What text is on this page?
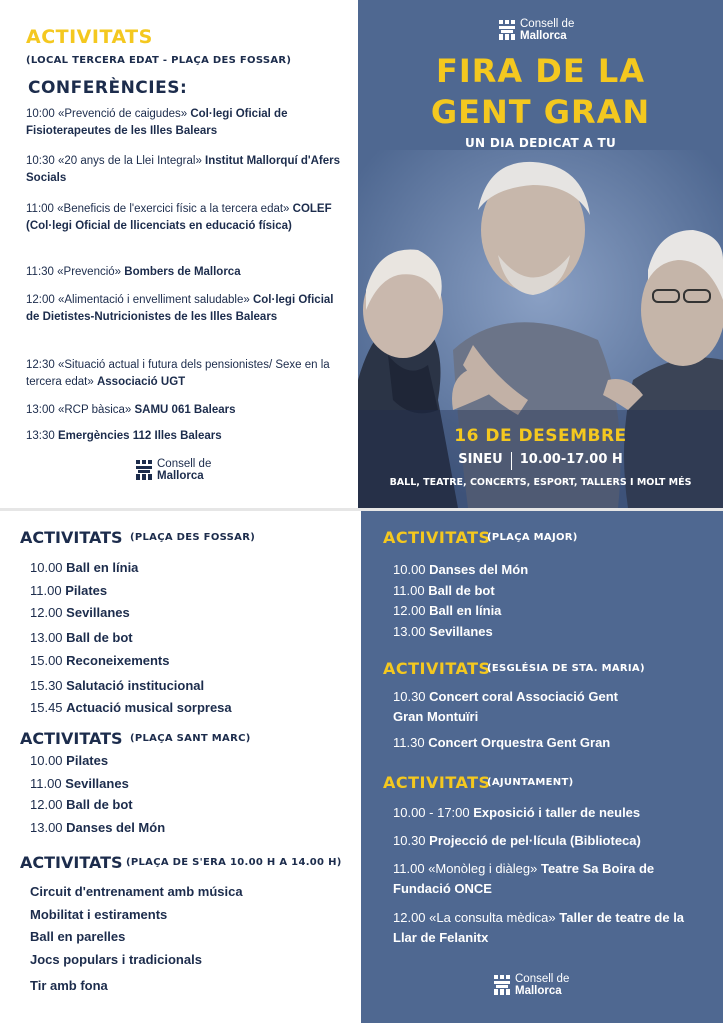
ACTIVITATS
(LOCAL TERCERA EDAT - PLAÇA DES FOSSAR)
CONFERÈNCIES:
10:00 «Prevenció de caigudes» Col·legi Oficial de Fisioterapeutes de les Illes Balears
10:30 «20 anys de la Llei Integral» Institut Mallorquí d'Afers Socials
11:00 «Beneficis de l'exercici físic a la tercera edat» COLEF (Col·legi Oficial de llicenciats en educació física)
11:30 «Prevenció» Bombers de Mallorca
12:00 «Alimentació i envelliment saludable» Col·legi Oficial de Dietistes-Nutricionistes de les Illes Balears
12:30 «Situació actual i futura dels pensionistes/ Sexe en la tercera edat» Associació UGT
13:00 «RCP bàsica» SAMU 061 Balears
13:30 Emergències 112 Illes Balears
Consell de
Mallorca
Consell de
Mallorca
FIRA DE LA
GENT GRAN
UN DIA DEDICAT A TU
16 DE DESEMBRE
SINEU 10.00-17.00 H
BALL, TEATRE, CONCERTS, ESPORT, TALLERS I MOLT MÉS
ACTIVITATS (PLAÇA DES FOSSAR)
10.00 Ball en línia
11.00 Pilates
12.00 Sevillanes
13.00 Ball de bot
15.00 Reconeixements
15.30 Salutació institucional
15.45 Actuació musical sorpresa
ACTIVITATS (PLAÇA SANT MARC)
10.00 Pilates
11.00 Sevillanes
12.00 Ball de bot
13.00 Danses del Món
ACTIVITATS (PLAÇA DE S'ERA 10.00 H A 14.00 H)
Circuit d'entrenament amb música
Mobilitat i estiraments
Ball en parelles
Jocs populars i tradicionals
Tir amb fona
ACTIVITATS
(PLAÇA MAJOR)
10.00 Danses del Món
11.00 Ball de bot
12.00 Ball en línia
13.00 Sevillanes
ACTIVITATS
(ESGLÉSIA DE STA. MARIA)
10.30 Concert coral Associació Gent Gran Montuïri
11.30 Concert Orquestra Gent Gran
ACTIVITATS
(AJUNTAMENT)
10.00 - 17:00 Exposició i taller de neules
10.30 Projecció de pel·lícula (Biblioteca)
11.00 «Monòleg i diàleg» Teatre Sa Boira de Fundació ONCE
12.00 «La consulta mèdica» Taller de teatre de la Llar de Felanitx
Consell de
Mallorca
